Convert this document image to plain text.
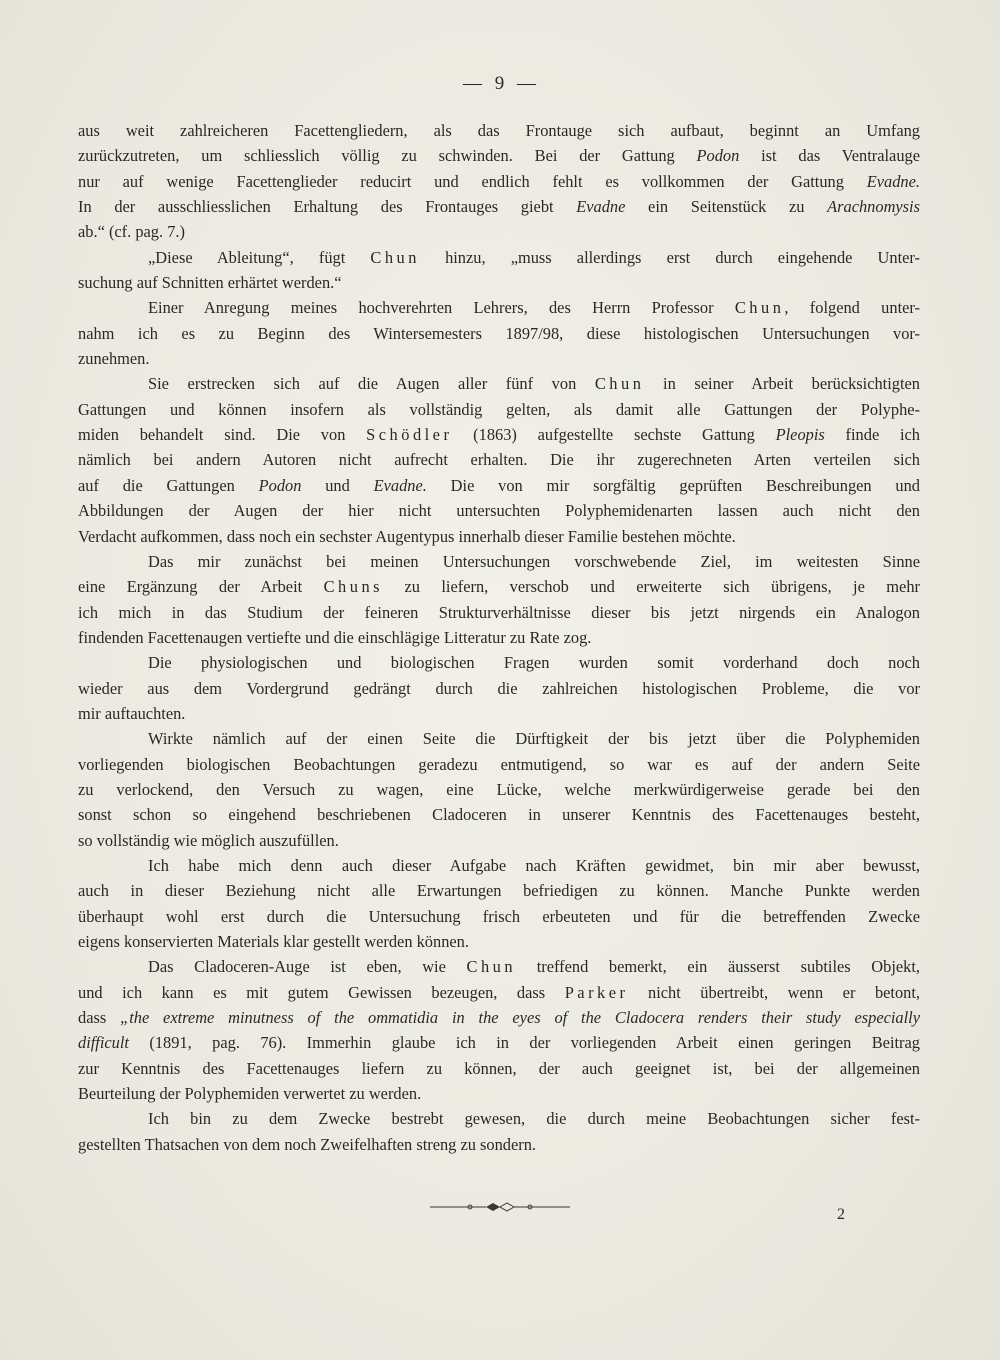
— 9 —
aus weit zahlreicheren Facettengliedern, als das Frontauge sich aufbaut, beginnt an Umfang
zurückzutreten, um schliesslich völlig zu schwinden. Bei der Gattung Podon ist das Ventralauge
nur auf wenige Facettenglieder reducirt und endlich fehlt es vollkommen der Gattung Evadne.
In der ausschliesslichen Erhaltung des Frontauges giebt Evadne ein Seitenstück zu Arachnomysis
ab.“ (cf. pag. 7.)
„Diese Ableitung“, fügt Chun hinzu, „muss allerdings erst durch eingehende Unter-
suchung auf Schnitten erhärtet werden.“
Einer Anregung meines hochverehrten Lehrers, des Herrn Professor Chun, folgend unter-
nahm ich es zu Beginn des Wintersemesters 1897/98, diese histologischen Untersuchungen vor-
zunehmen.
Sie erstrecken sich auf die Augen aller fünf von Chun in seiner Arbeit berücksichtigten
Gattungen und können insofern als vollständig gelten, als damit alle Gattungen der Polyphe-
miden behandelt sind. Die von Schödler (1863) aufgestellte sechste Gattung Pleopis finde ich
nämlich bei andern Autoren nicht aufrecht erhalten. Die ihr zugerechneten Arten verteilen sich
auf die Gattungen Podon und Evadne. Die von mir sorgfältig geprüften Beschreibungen und
Abbildungen der Augen der hier nicht untersuchten Polyphemidenarten lassen auch nicht den
Verdacht aufkommen, dass noch ein sechster Augentypus innerhalb dieser Familie bestehen möchte.
Das mir zunächst bei meinen Untersuchungen vorschwebende Ziel, im weitesten Sinne
eine Ergänzung der Arbeit Chuns zu liefern, verschob und erweiterte sich übrigens, je mehr
ich mich in das Studium der feineren Strukturverhältnisse dieser bis jetzt nirgends ein Analogon
findenden Facettenaugen vertiefte und die einschlägige Litteratur zu Rate zog.
Die physiologischen und biologischen Fragen wurden somit vorderhand doch noch
wieder aus dem Vordergrund gedrängt durch die zahlreichen histologischen Probleme, die vor
mir auftauchten.
Wirkte nämlich auf der einen Seite die Dürftigkeit der bis jetzt über die Polyphemiden
vorliegenden biologischen Beobachtungen geradezu entmutigend, so war es auf der andern Seite
zu verlockend, den Versuch zu wagen, eine Lücke, welche merkwürdigerweise gerade bei den
sonst schon so eingehend beschriebenen Cladoceren in unserer Kenntnis des Facettenauges besteht,
so vollständig wie möglich auszufüllen.
Ich habe mich denn auch dieser Aufgabe nach Kräften gewidmet, bin mir aber bewusst,
auch in dieser Beziehung nicht alle Erwartungen befriedigen zu können. Manche Punkte werden
überhaupt wohl erst durch die Untersuchung frisch erbeuteten und für die betreffenden Zwecke
eigens konservierten Materials klar gestellt werden können.
Das Cladoceren-Auge ist eben, wie Chun treffend bemerkt, ein äusserst subtiles Objekt,
und ich kann es mit gutem Gewissen bezeugen, dass Parker nicht übertreibt, wenn er betont,
dass „the extreme minutness of the ommatidia in the eyes of the Cladocera renders their study especially
difficult (1891, pag. 76). Immerhin glaube ich in der vorliegenden Arbeit einen geringen Beitrag
zur Kenntnis des Facettenauges liefern zu können, der auch geeignet ist, bei der allgemeinen
Beurteilung der Polyphemiden verwertet zu werden.
Ich bin zu dem Zwecke bestrebt gewesen, die durch meine Beobachtungen sicher fest-
gestellten Thatsachen von dem noch Zweifelhaften streng zu sondern.
2
